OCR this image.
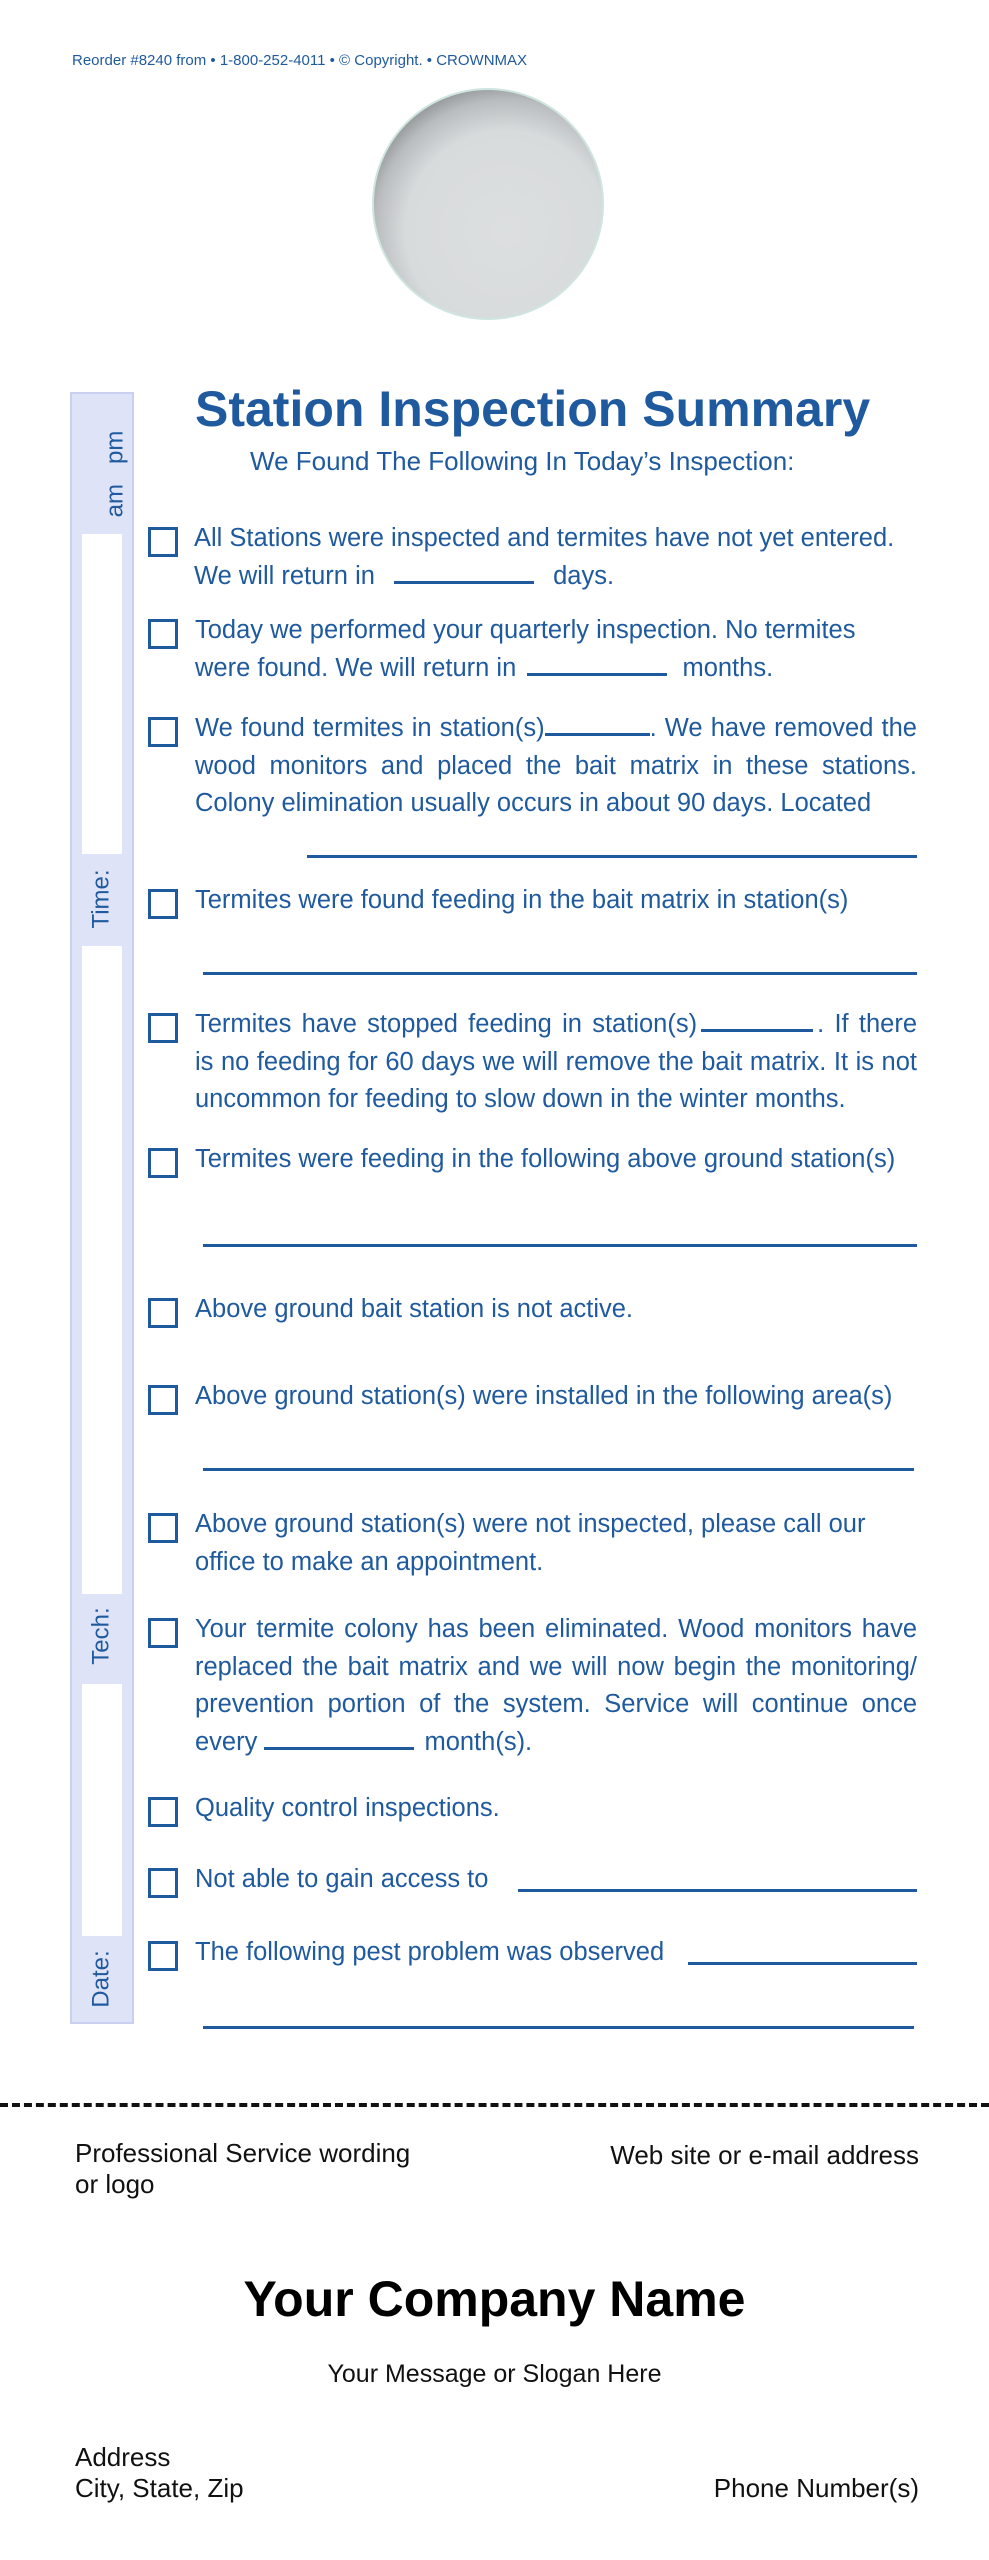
Reorder #8240 from • 1-800-252-4011 • © Copyright. • CROWNMAX
am   pm
Time:
Tech:
Date:
Station Inspection Summary
We Found The Following In Today’s Inspection:
All Stations were inspected and termites have not yet entered.
We will return in	days.
Today we performed your quarterly inspection. No termites
were found. We will return in	months.
We found termites in station(s)	. We have removed the wood monitors and placed the bait matrix in these stations. Colony elimination usually occurs in about 90 days. Located
Termites were found feeding in the bait matrix in station(s)
Termites have stopped feeding in station(s)	. If there is no feeding for 60 days we will remove the bait matrix. It is not uncommon for feeding to slow down in the winter months.
Termites were feeding in the following above ground station(s)
Above ground bait station is not active.
Above ground station(s) were installed in the following area(s)
Above ground station(s) were not inspected, please call our office to make an appointment.
Your termite colony has been eliminated. Wood monitors have replaced the bait matrix and we will now begin the monitoring/ prevention portion of the system. Service will continue once every	month(s).
Quality control inspections.
Not able to gain access to
The following pest problem was observed
Professional Service wording
or logo
Web site or e-mail address
Your Company Name
Your Message or Slogan Here
Address
City, State, Zip	Phone Number(s)
